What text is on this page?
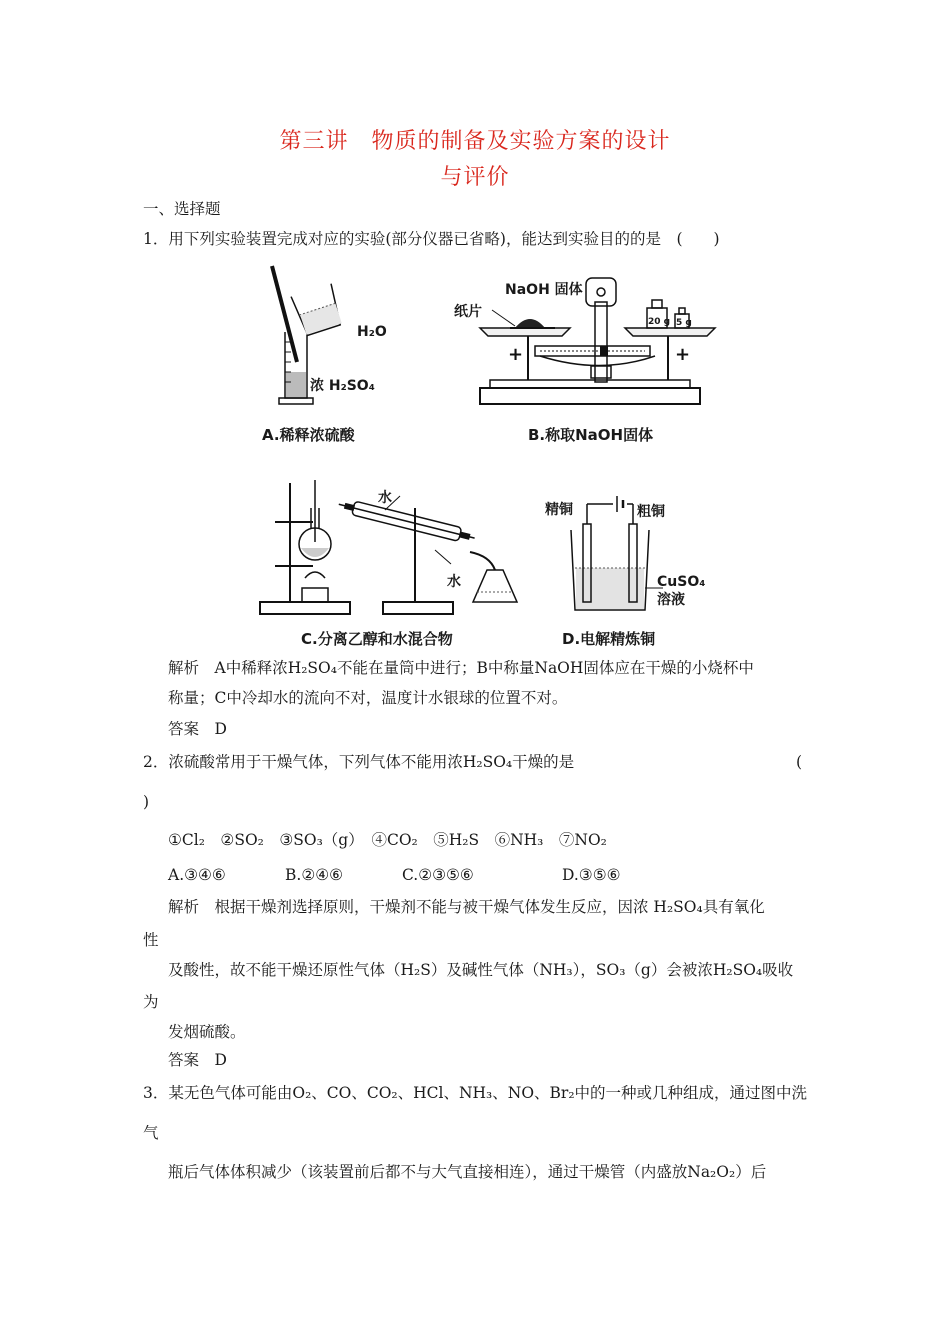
第三讲　物质的制备及实验方案的设计
与评价
一、选择题
1．用下列实验装置完成对应的实验(部分仪器已省略)，能达到实验目的的是　(　　)
H₂O
浓 H₂SO₄
A.稀释浓硫酸
20 g 5 g
+	+
NaOH 固体
纸片
B.称取NaOH固体
水
水
C.分离乙醇和水混合物
精铜	粗铜
CuSO₄
溶液
D.电解精炼铜
解析　A中稀释浓H₂SO₄不能在量筒中进行；B中称量NaOH固体应在干燥的小烧杯中
称量；C中冷却水的流向不对，温度计水银球的位置不对。
答案　D
2．浓硫酸常用于干燥气体，下列气体不能用浓H₂SO₄干燥的是	(
)
①Cl₂　②SO₂　③SO₃（g）　④CO₂　⑤H₂S　⑥NH₃　⑦NO₂
A.③④⑥	B.②④⑥	C.②③⑤⑥	D.③⑤⑥
解析　根据干燥剂选择原则，干燥剂不能与被干燥气体发生反应，因浓 H₂SO₄具有氧化
性
及酸性，故不能干燥还原性气体（H₂S）及碱性气体（NH₃），SO₃（g）会被浓H₂SO₄吸收
为
发烟硫酸。
答案　D
3．某无色气体可能由O₂、CO、CO₂、HCl、NH₃、NO、Br₂中的一种或几种组成，通过图中洗
气
瓶后气体体积减少（该装置前后都不与大气直接相连），通过干燥管（内盛放Na₂O₂）后
